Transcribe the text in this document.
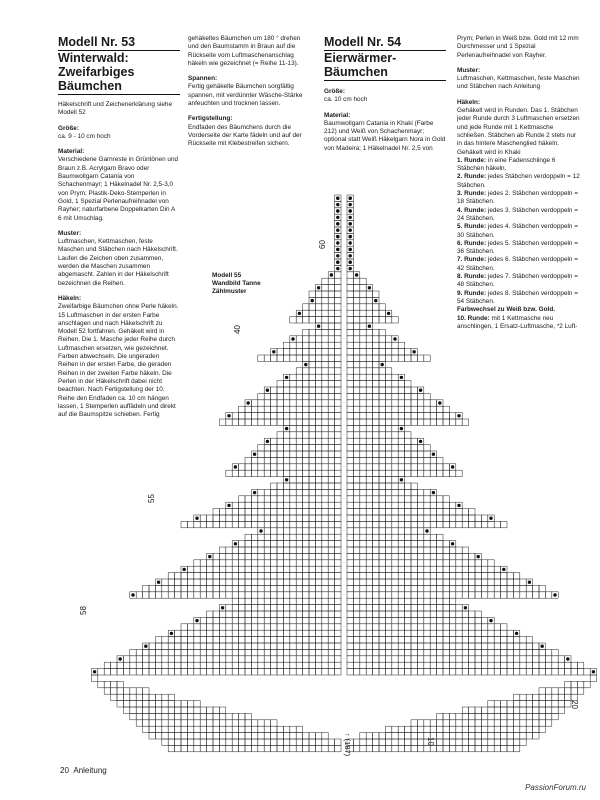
Modell Nr. 53

Winterwald:

Zweifarbiges

Bäumchen

Häkelschrift und Zeichenerklärung siehe Modell 52

Größe:

ca. 9 - 10 cm hoch

Material:

Verschiedene Garnreste in Grüntönen und Braun z.B. Acrylgarn Bravo oder Baumwollgarn Catania von Schachenmayr; 1 Häkelnadel Nr. 2,5-3,0 von Prym; Plastik-Deko-Stemperlen in Gold, 1 Spezial Perlenaufreihnadel von Rayher; naturfarbene Doppelkarten Din A 6 mit Umschlag.

Muster:

Luftmaschen, Kettmaschen, feste Maschen und Stäbchen nach Häkelschrift. Laufen die Zeichen oben zusammen, werden die Maschen zusammen abgemascht. Zahlen in der Häkelschrift bezeichnen die Reihen.

Häkeln:

Zweifarbige Bäumchen ohne Perle häkeln. 15 Luftmaschen in der ersten Farbe anschlagen und nach Häkelschrift zu Modell 52 fortfahren. Gehäkelt wird in Reihen. Die 1. Masche jeder Reihe durch Luftmaschen ersetzen, wie gezeichnet. Farben abwechseln. Die ungeraden Reihen in der ersten Farbe, die geraden Reihen in der zweiten Farbe häkeln. Die Perlen in der Häkelschrift dabei nicht beachten. Nach Fertigstellung der 10. Reihe den Endfaden ca. 10 cm hängen lassen, 1 Stemperlen auffädeln und direkt auf die Baumspitze schieben. Fertig

gehäkeltes Bäumchen um 180 ° drehen und den Baumstamm in Braun auf die Rückseite vom Luftmaschenanschlag häkeln wie gezeichnet (= Reihe 11-13).

Spannen:

Fertig gehäkelte Bäumchen sorgfältig spannen, mit verdünnter Wäsche-Stärke anfeuchten und trocknen lassen.

Fertigstellung:

Endfaden des Bäumchens durch die Vorderseite der Karte fädeln und auf der Rückseite mit Klebestreifen sichern.

Modell Nr. 54

Eierwärmer-

Bäumchen

Größe:

ca. 10 cm hoch

Material:

Baumwollgarn Catania in Khaki (Farbe 212) und Weiß von Schachenmayr; optional statt Weiß Häkelgarn Nora in Gold von Madeira; 1 Häkelnadel Nr. 2,5 von

Prym; Perlen in Weiß bzw. Gold mit 12 mm Durchmesser und 1 Spezial Perlenaufreihnadel von Rayher.

Muster:

Luftmaschen, Kettmaschen, feste Maschen und Stäbchen nach Anleitung

Häkeln:

Gehäkelt wird in Runden. Das 1. Stäbchen jeder Runde durch 3 Luftmaschen ersetzen und jede Runde mit 1 Kettmasche schließen. Stäbchen ab Runde 2 stets nur in das hintere Maschenglied häkeln. Gehäkelt wird in Khaki

1. Runde: in eine Fadenschlinge 6 Stäbchen häkeln.

2. Runde: jedes Stäbchen verdoppeln = 12 Stäbchen.

3. Runde: jedes 2. Stäbchen verdoppeln = 18 Stäbchen.

4. Runde: jedes 3. Stäbchen verdoppeln = 24 Stäbchen.

5. Runde: jedes 4. Stäbchen verdoppeln = 30 Stäbchen.

6. Runde: jedes 5. Stäbchen verdoppeln = 36 Stäbchen.

7. Runde: jedes 6. Stäbchen verdoppeln = 42 Stäbchen.

8. Runde: jedes 7. Stäbchen verdoppeln = 48 Stäbchen.

9. Runde: jedes 8. Stäbchen verdoppeln = 54 Stäbchen.

Farbwechsel zu Weiß bzw. Gold.

10. Runde: mit 1 Kettmasche neu anschlingen, 1 Ersatz-Luftmasche, *2 Luft-

Modell 55
Wandbild Tanne
Zählmuster
60
40
55
58
20
10
↑ (187)
20 Anleitung
PassionForum.ru
